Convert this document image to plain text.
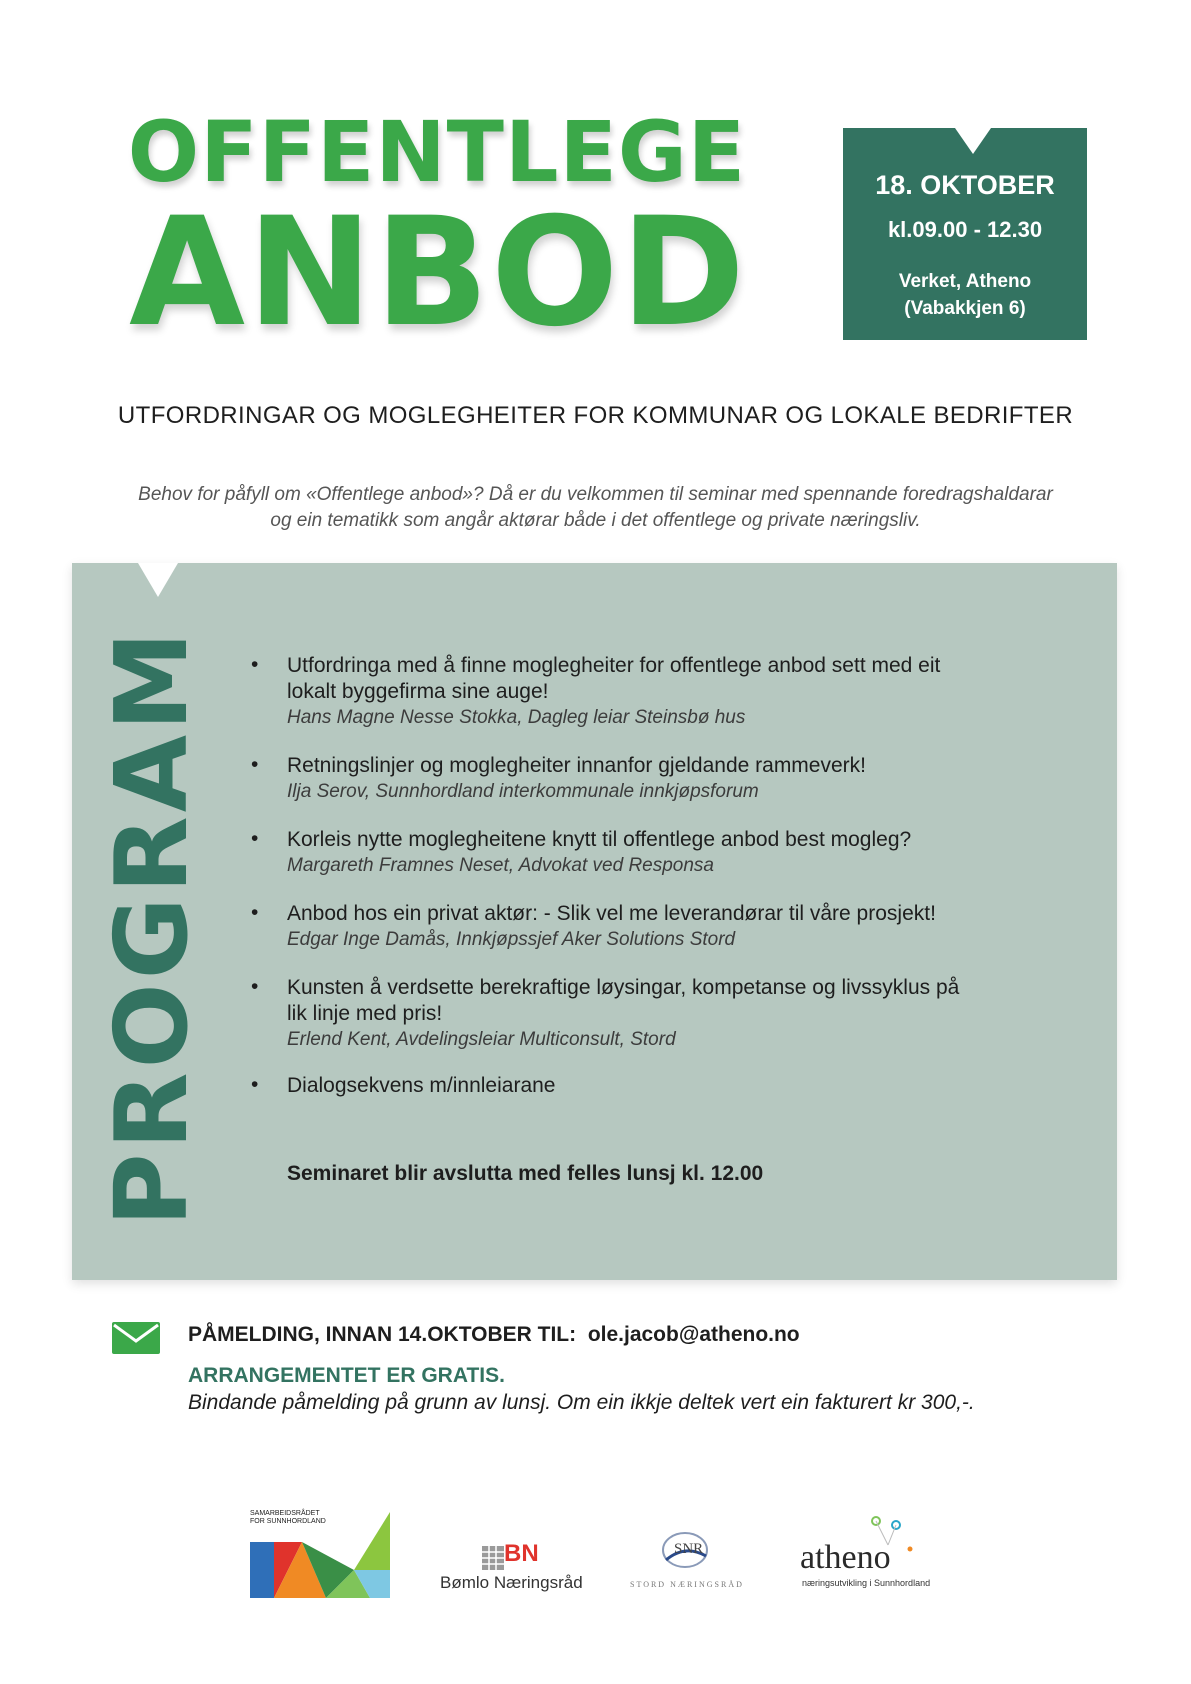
OFFENTLEGE
ANBOD
18. OKTOBER
kl.09.00 - 12.30
Verket, Atheno
(Vabakkjen 6)
UTFORDRINGAR OG MOGLEGHEITER FOR KOMMUNAR OG LOKALE BEDRIFTER
Behov for påfyll om «Offentlege anbod»? Då er du velkommen til seminar med spennande foredragshaldarar
og ein tematikk som angår aktørar både i det offentlege og private næringsliv.
PROGRAM • Utfordringa med å finne moglegheiter for offentlege anbod sett med eit
lokalt byggefirma sine auge!
Hans Magne Nesse Stokka, Dagleg leiar Steinsbø hus
• Retningslinjer og moglegheiter innanfor gjeldande rammeverk!
Ilja Serov, Sunnhordland interkommunale innkjøpsforum
• Korleis nytte moglegheitene knytt til offentlege anbod best mogleg?
Margareth Framnes Neset, Advokat ved Responsa
• Anbod hos ein privat aktør: - Slik vel me leverandørar til våre prosjekt!
Edgar Inge Damås, Innkjøpssjef Aker Solutions Stord
• Kunsten å verdsette berekraftige løysingar, kompetanse og livssyklus på
lik linje med pris!
Erlend Kent, Avdelingsleiar Multiconsult, Stord
• Dialogsekvens m/innleiarane
Seminaret blir avslutta med felles lunsj kl. 12.00
PÅMELDING, INNAN 14.OKTOBER TIL: ole.jacob@atheno.no
ARRANGEMENTET ER GRATIS.
Bindande påmelding på grunn av lunsj. Om ein ikkje deltek vert ein fakturert kr 300,-.
SAMARBEIDSRÅDET
FOR SUNNHORDLAND
BN
Bømlo Næringsråd
SNR
STORD NÆRINGSRÅD
atheno
næringsutvikling i Sunnhordland
